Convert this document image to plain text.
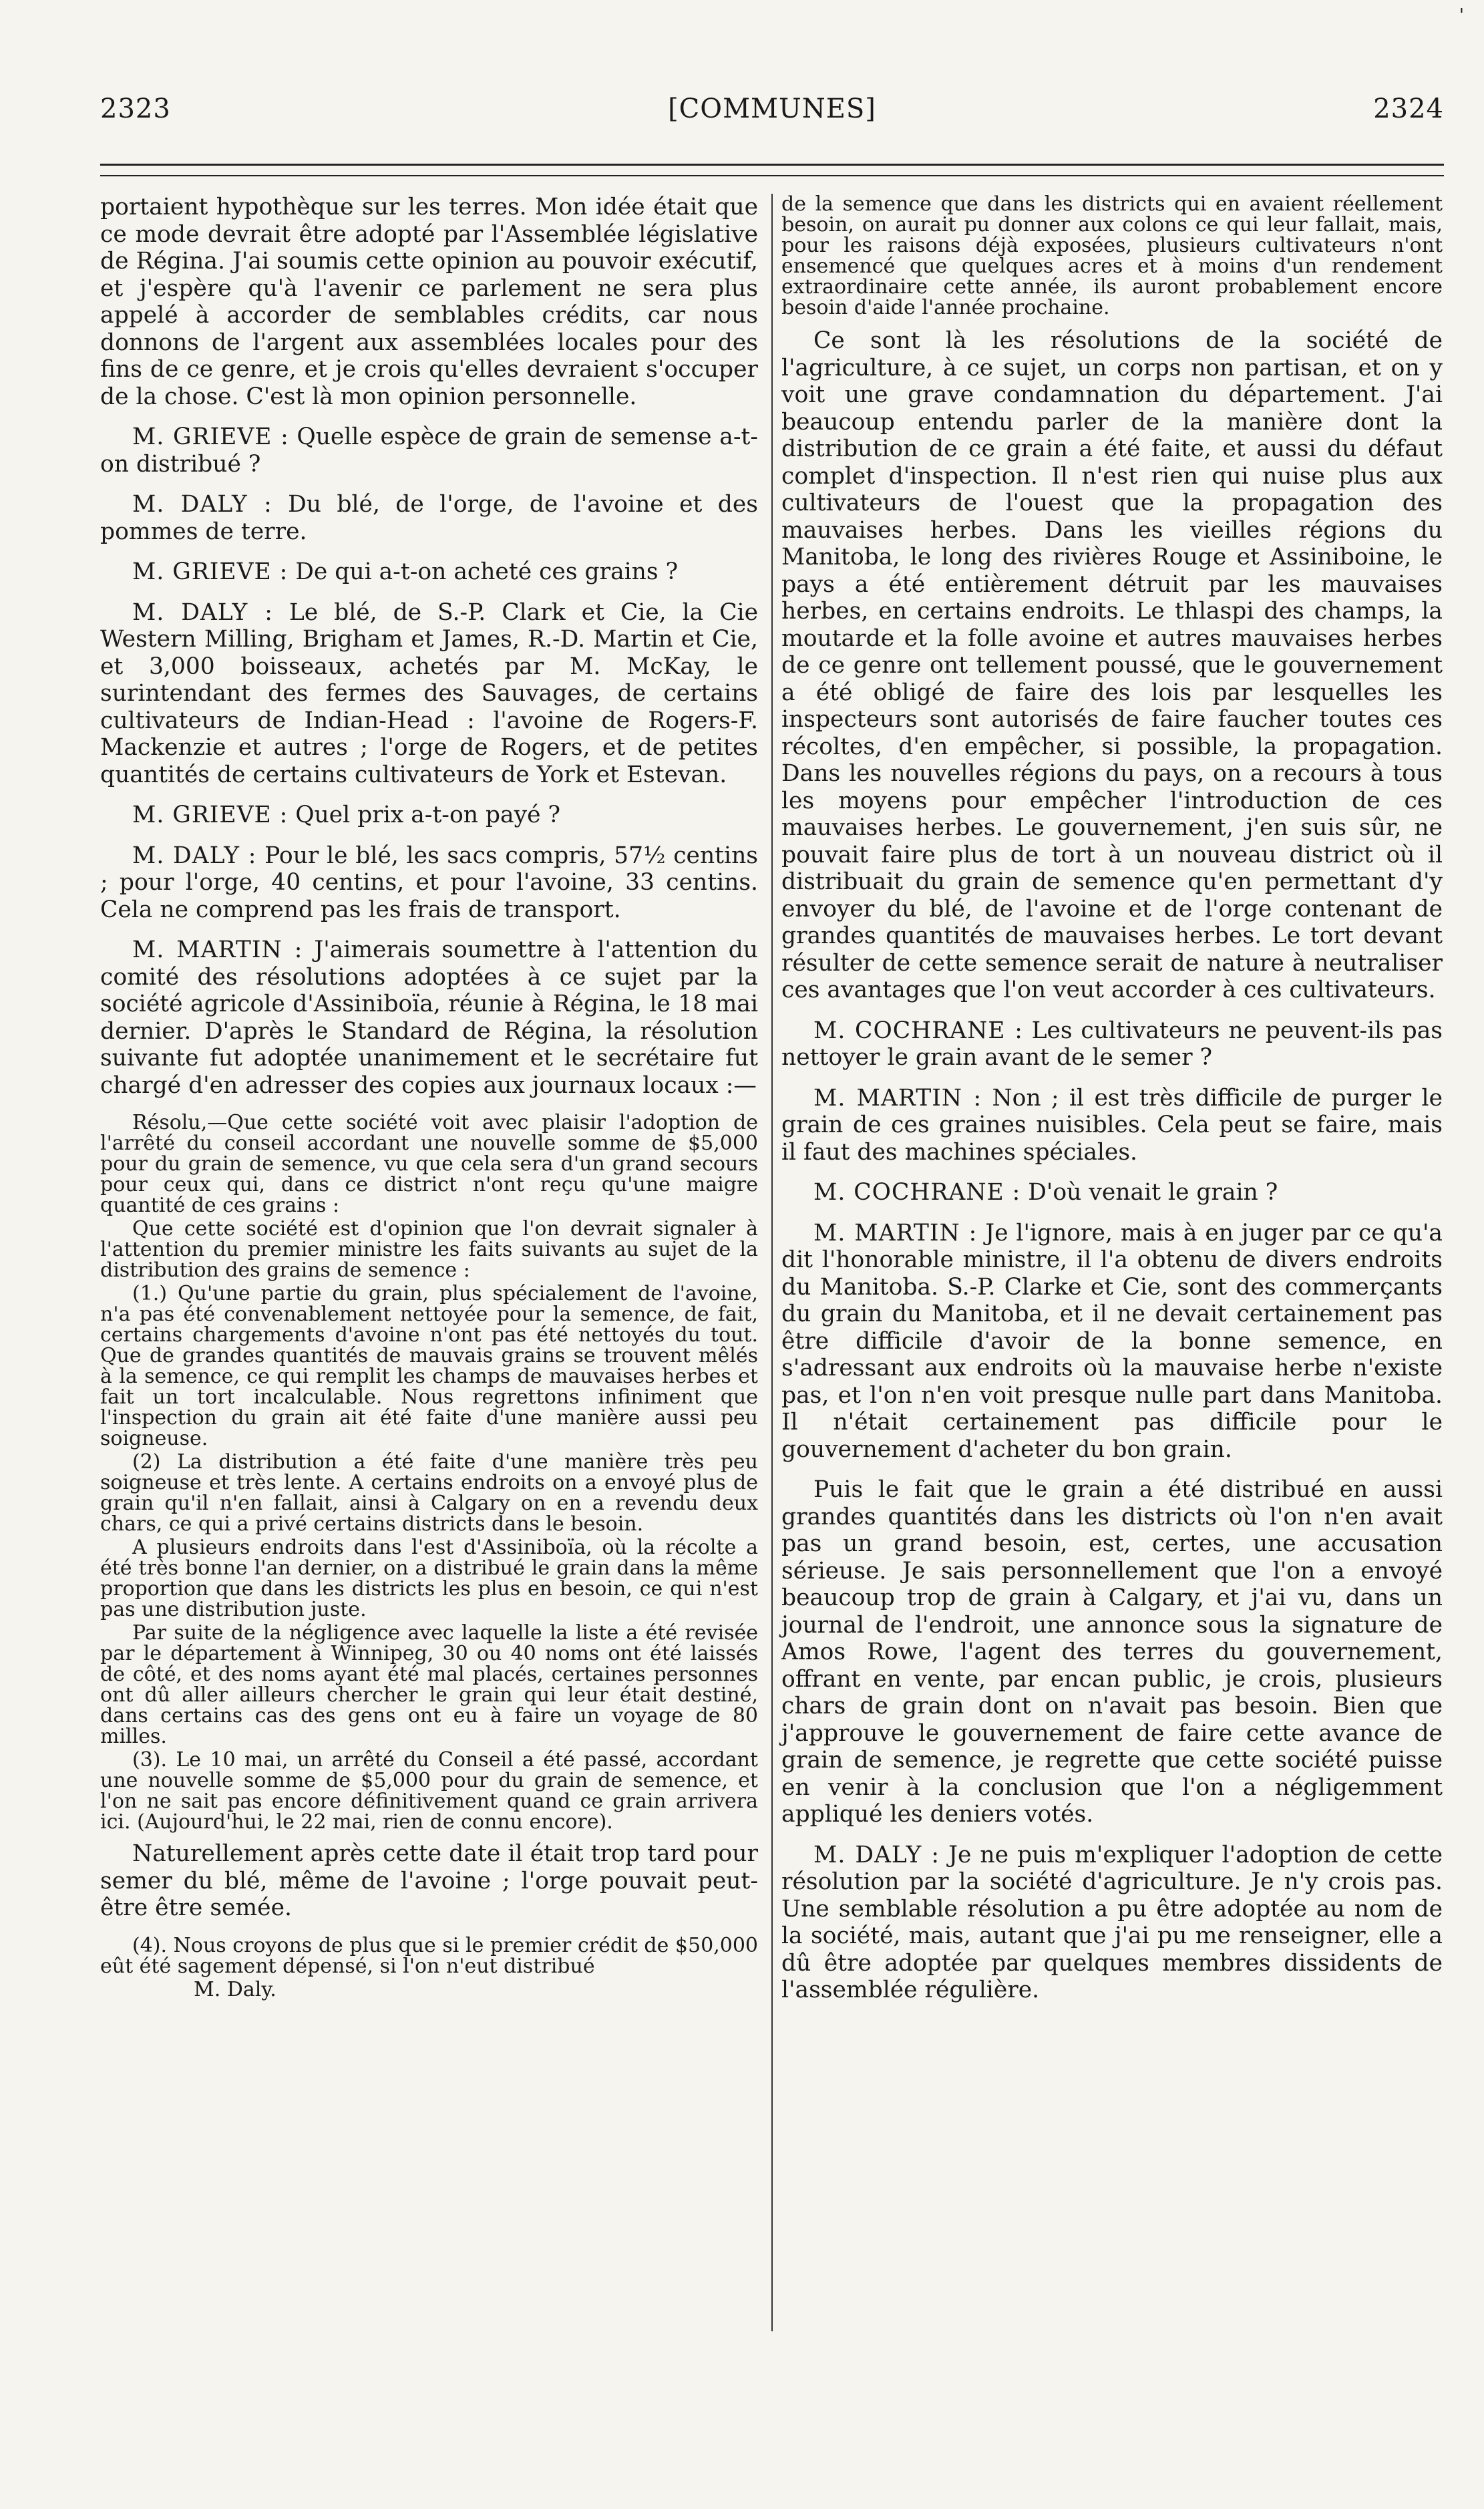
'
2323	[COMMUNES]	2324

portaient hypothèque sur les terres. Mon idée était que ce mode devrait être adopté par l'Assemblée législative de Régina. J'ai soumis cette opinion au pouvoir exécutif, et j'espère qu'à l'avenir ce parlement ne sera plus appelé à accorder de semblables crédits, car nous donnons de l'argent aux assemblées locales pour des fins de ce genre, et je crois qu'elles devraient s'occuper de la chose. C'est là mon opinion personnelle.

M. GRIEVE : Quelle espèce de grain de semense a-t-on distribué ?

M. DALY : Du blé, de l'orge, de l'avoine et des pommes de terre.

M. GRIEVE : De qui a-t-on acheté ces grains ?

M. DALY : Le blé, de S.-P. Clark et Cie, la Cie Western Milling, Brigham et James, R.-D. Martin et Cie, et 3,000 boisseaux, achetés par M. McKay, le surintendant des fermes des Sauvages, de certains cultivateurs de Indian-Head : l'avoine de Rogers-F. Mackenzie et autres ; l'orge de Rogers, et de petites quantités de certains cultivateurs de York et Estevan.

M. GRIEVE : Quel prix a-t-on payé ?

M. DALY : Pour le blé, les sacs compris, 57½ centins ; pour l'orge, 40 centins, et pour l'avoine, 33 centins. Cela ne comprend pas les frais de transport.

M. MARTIN : J'aimerais soumettre à l'attention du comité des résolutions adoptées à ce sujet par la société agricole d'Assiniboïa, réunie à Régina, le 18 mai dernier. D'après le Standard de Régina, la résolution suivante fut adoptée unanimement et le secrétaire fut chargé d'en adresser des copies aux journaux locaux :—

Résolu,—Que cette société voit avec plaisir l'adoption de l'arrêté du conseil accordant une nouvelle somme de $5,000 pour du grain de semence, vu que cela sera d'un grand secours pour ceux qui, dans ce district n'ont reçu qu'une maigre quantité de ces grains :

Que cette société est d'opinion que l'on devrait signaler à l'attention du premier ministre les faits suivants au sujet de la distribution des grains de semence :

(1.) Qu'une partie du grain, plus spécialement de l'avoine, n'a pas été convenablement nettoyée pour la semence, de fait, certains chargements d'avoine n'ont pas été nettoyés du tout. Que de grandes quantités de mauvais grains se trouvent mêlés à la semence, ce qui remplit les champs de mauvaises herbes et fait un tort incalculable. Nous regrettons infiniment que l'inspection du grain ait été faite d'une manière aussi peu soigneuse.

(2) La distribution a été faite d'une manière très peu soigneuse et très lente. A certains endroits on a envoyé plus de grain qu'il n'en fallait, ainsi à Calgary on en a revendu deux chars, ce qui a privé certains districts dans le besoin.

A plusieurs endroits dans l'est d'Assiniboïa, où la récolte a été très bonne l'an dernier, on a distribué le grain dans la même proportion que dans les districts les plus en besoin, ce qui n'est pas une distribution juste.

Par suite de la négligence avec laquelle la liste a été revisée par le département à Winnipeg, 30 ou 40 noms ont été laissés de côté, et des noms ayant été mal placés, certaines personnes ont dû aller ailleurs chercher le grain qui leur était destiné, dans certains cas des gens ont eu à faire un voyage de 80 milles.

(3). Le 10 mai, un arrêté du Conseil a été passé, accordant une nouvelle somme de $5,000 pour du grain de semence, et l'on ne sait pas encore définitivement quand ce grain arrivera ici. (Aujourd'hui, le 22 mai, rien de connu encore).

Naturellement après cette date il était trop tard pour semer du blé, même de l'avoine ; l'orge pouvait peut-être être semée.

(4). Nous croyons de plus que si le premier crédit de $50,000 eût été sagement dépensé, si l'on n'eut distribué

M. Daly.

de la semence que dans les districts qui en avaient réellement besoin, on aurait pu donner aux colons ce qui leur fallait, mais, pour les raisons déjà exposées, plusieurs cultivateurs n'ont ensemencé que quelques acres et à moins d'un rendement extraordinaire cette année, ils auront probablement encore besoin d'aide l'année prochaine.

Ce sont là les résolutions de la société de l'agriculture, à ce sujet, un corps non partisan, et on y voit une grave condamnation du département. J'ai beaucoup entendu parler de la manière dont la distribution de ce grain a été faite, et aussi du défaut complet d'inspection. Il n'est rien qui nuise plus aux cultivateurs de l'ouest que la propagation des mauvaises herbes. Dans les vieilles régions du Manitoba, le long des rivières Rouge et Assiniboine, le pays a été entièrement détruit par les mauvaises herbes, en certains endroits. Le thlaspi des champs, la moutarde et la folle avoine et autres mauvaises herbes de ce genre ont tellement poussé, que le gouvernement a été obligé de faire des lois par lesquelles les inspecteurs sont autorisés de faire faucher toutes ces récoltes, d'en empêcher, si possible, la propagation. Dans les nouvelles régions du pays, on a recours à tous les moyens pour empêcher l'introduction de ces mauvaises herbes. Le gouvernement, j'en suis sûr, ne pouvait faire plus de tort à un nouveau district où il distribuait du grain de semence qu'en permettant d'y envoyer du blé, de l'avoine et de l'orge contenant de grandes quantités de mauvaises herbes. Le tort devant résulter de cette semence serait de nature à neutraliser ces avantages que l'on veut accorder à ces cultivateurs.

M. COCHRANE : Les cultivateurs ne peuvent-ils pas nettoyer le grain avant de le semer ?

M. MARTIN : Non ; il est très difficile de purger le grain de ces graines nuisibles. Cela peut se faire, mais il faut des machines spéciales.

M. COCHRANE : D'où venait le grain ?

M. MARTIN : Je l'ignore, mais à en juger par ce qu'a dit l'honorable ministre, il l'a obtenu de divers endroits du Manitoba. S.-P. Clarke et Cie, sont des commerçants du grain du Manitoba, et il ne devait certainement pas être difficile d'avoir de la bonne semence, en s'adressant aux endroits où la mauvaise herbe n'existe pas, et l'on n'en voit presque nulle part dans Manitoba. Il n'était certainement pas difficile pour le gouvernement d'acheter du bon grain.

Puis le fait que le grain a été distribué en aussi grandes quantités dans les districts où l'on n'en avait pas un grand besoin, est, certes, une accusation sérieuse. Je sais personnellement que l'on a envoyé beaucoup trop de grain à Calgary, et j'ai vu, dans un journal de l'endroit, une annonce sous la signature de Amos Rowe, l'agent des terres du gouvernement, offrant en vente, par encan public, je crois, plusieurs chars de grain dont on n'avait pas besoin. Bien que j'approuve le gouvernement de faire cette avance de grain de semence, je regrette que cette société puisse en venir à la conclusion que l'on a négligemment appliqué les deniers votés.

M. DALY : Je ne puis m'expliquer l'adoption de cette résolution par la société d'agriculture. Je n'y crois pas. Une semblable résolution a pu être adoptée au nom de la société, mais, autant que j'ai pu me renseigner, elle a dû être adoptée par quelques membres dissidents de l'assemblée régulière.
